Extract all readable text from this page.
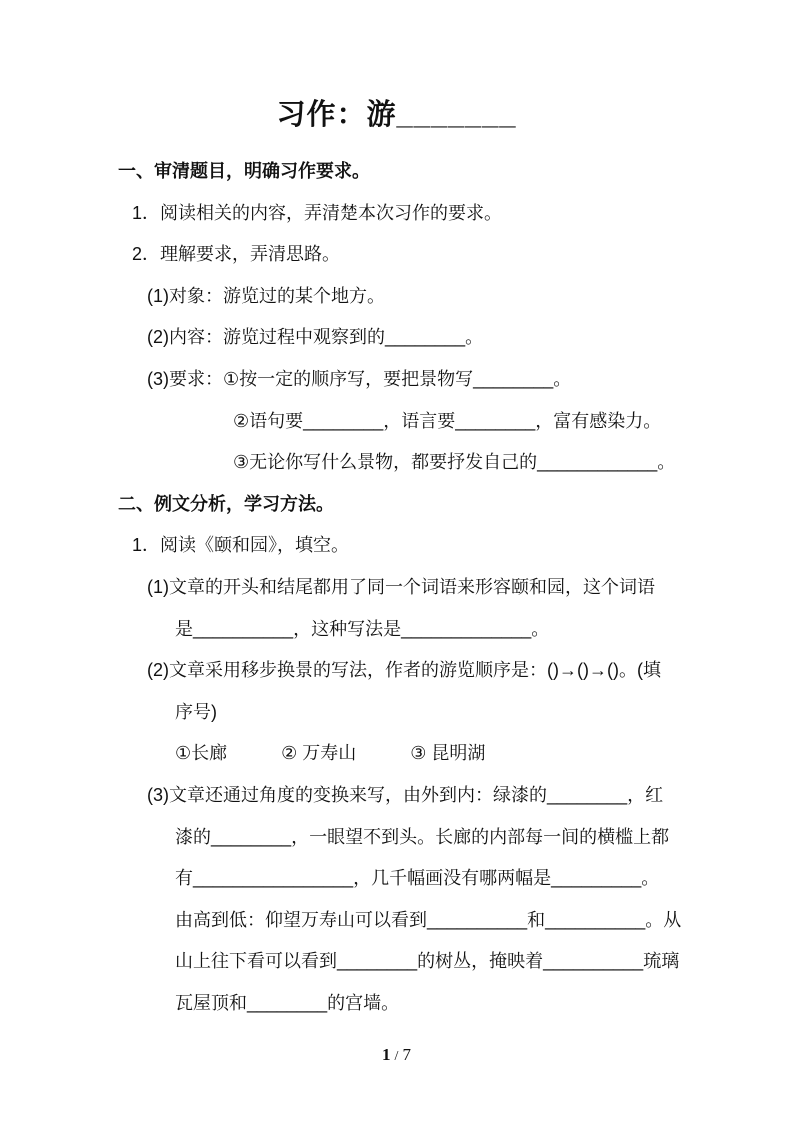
习作：游_______

一、审清题目，明确习作要求。

1．阅读相关的内容，弄清楚本次习作的要求。

2．理解要求，弄清思路。

(1)对象：游览过的某个地方。

(2)内容：游览过程中观察到的________。

(3)要求：①按一定的顺序写，要把景物写________。

②语句要________，语言要________，富有感染力。

③无论你写什么景物，都要抒发自己的____________。

二、例文分析，学习方法。

1．阅读《颐和园》，填空。

(1)文章的开头和结尾都用了同一个词语来形容颐和园，这个词语

是__________，这种写法是_____________。

(2)文章采用移步换景的写法，作者的游览顺序是：()→()→()。(填

序号)

①长廊　　　② 万寿山　　　③ 昆明湖

(3)文章还通过角度的变换来写，由外到内：绿漆的________，红

漆的________，一眼望不到头。长廊的内部每一间的横槛上都

有________________，几千幅画没有哪两幅是_________。

由高到低：仰望万寿山可以看到__________和__________。从

山上往下看可以看到________的树丛，掩映着__________琉璃

瓦屋顶和________的宫墙。

1 / 7
